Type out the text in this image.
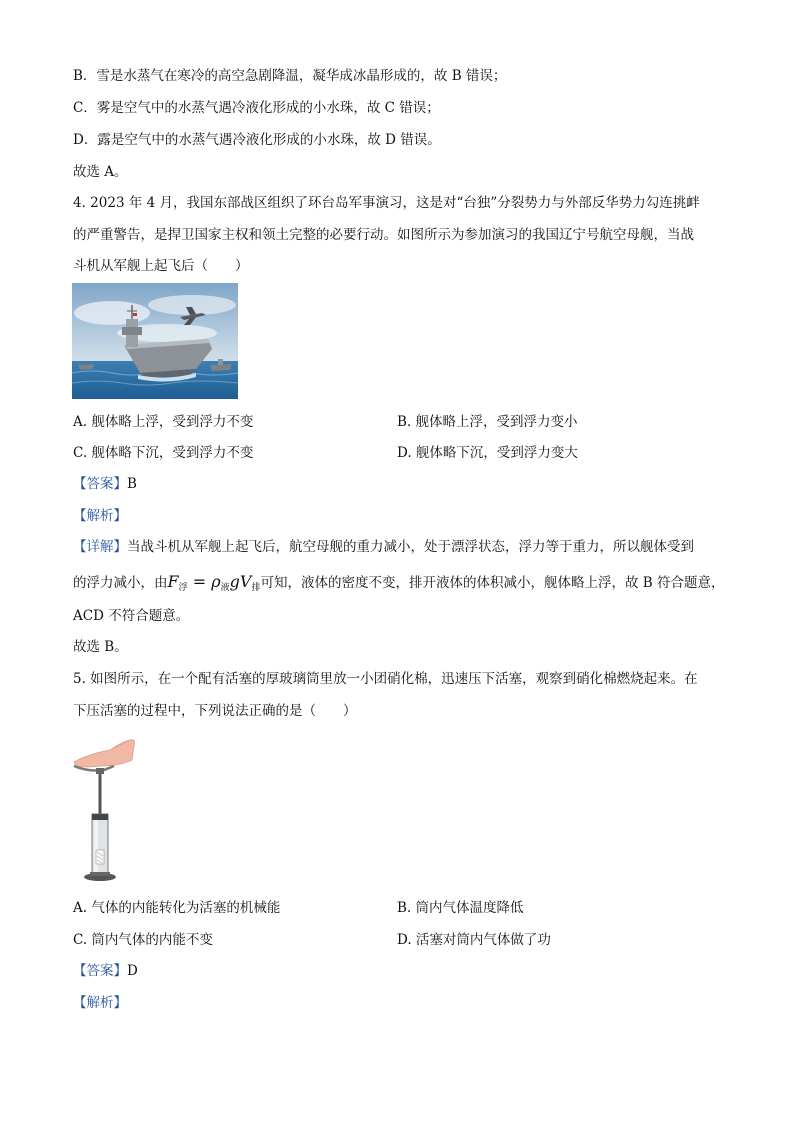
B．雪是水蒸气在寒冷的高空急剧降温，凝华成冰晶形成的，故 B 错误；
C．雾是空气中的水蒸气遇冷液化形成的小水珠，故 C 错误；
D．露是空气中的水蒸气遇冷液化形成的小水珠，故 D 错误。
故选 A。
4. 2023 年 4 月，我国东部战区组织了环台岛军事演习，这是对“台独”分裂势力与外部反华势力勾连挑衅
的严重警告，是捍卫国家主权和领土完整的必要行动。如图所示为参加演习的我国辽宁号航空母舰，当战
斗机从军舰上起飞后（　　）
A. 舰体略上浮，受到浮力不变	B. 舰体略上浮，受到浮力变小
C. 舰体略下沉，受到浮力不变	D. 舰体略下沉，受到浮力变大
【答案】B
【解析】
【详解】当战斗机从军舰上起飞后，航空母舰的重力减小，处于漂浮状态，浮力等于重力，所以舰体受到
的浮力减小，由$F_浮 = \rho_液gV_排$可知，液体的密度不变，排开液体的体积减小，舰体略上浮，故 B 符合题意，
ACD 不符合题意。
故选 B。
5. 如图所示，在一个配有活塞的厚玻璃筒里放一小团硝化棉，迅速压下活塞，观察到硝化棉燃烧起来。在
下压活塞的过程中，下列说法正确的是（　　）
A. 气体的内能转化为活塞的机械能	B. 筒内气体温度降低
C. 筒内气体的内能不变	D. 活塞对筒内气体做了功
【答案】D
【解析】
